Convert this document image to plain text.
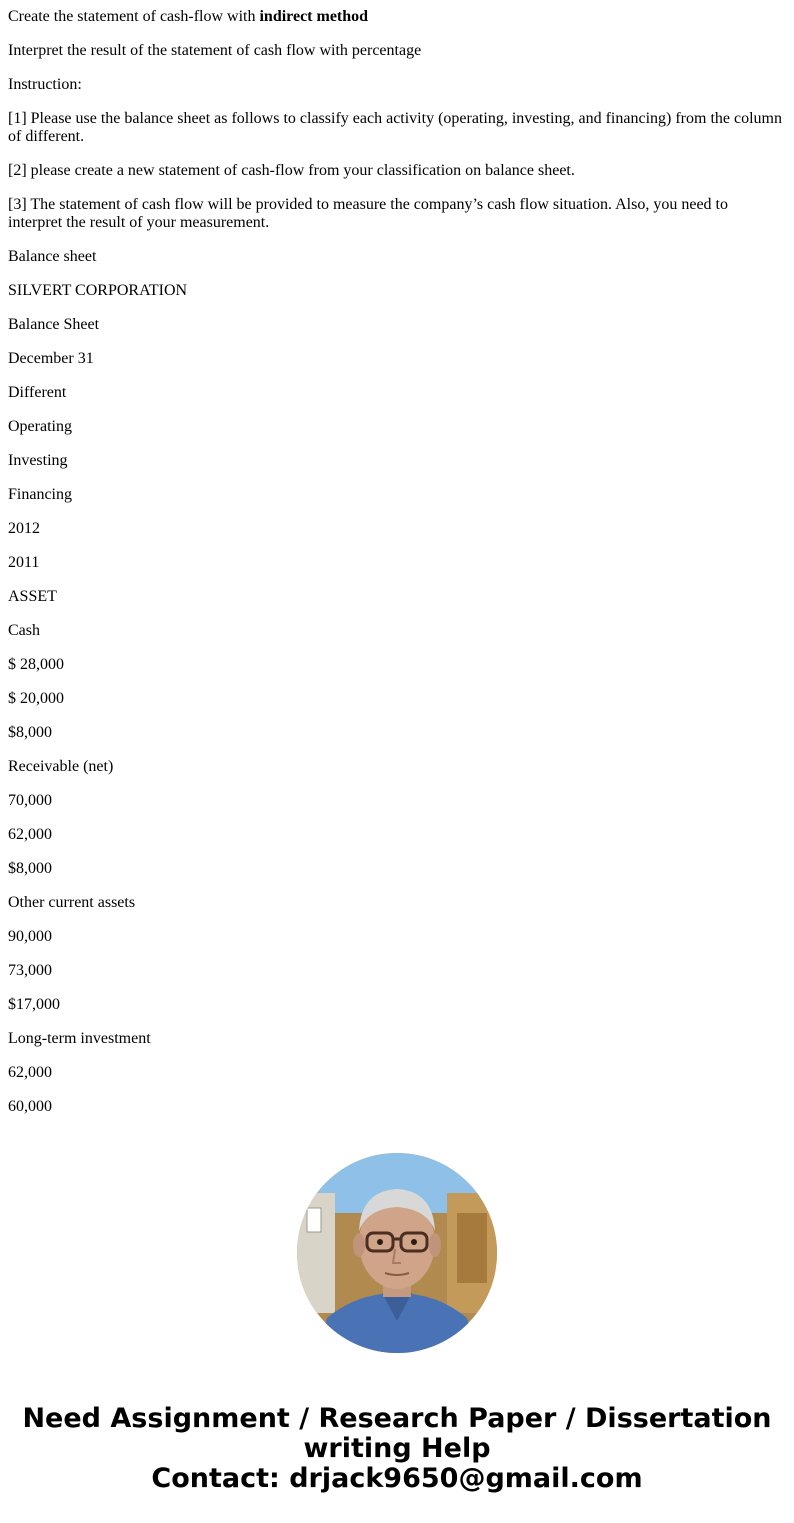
Create the statement of cash-flow with indirect method

Interpret the result of the statement of cash flow with percentage

Instruction:

[1] Please use the balance sheet as follows to classify each activity (operating, investing, and financing) from the column of different.

[2] please create a new statement of cash-flow from your classification on balance sheet.

[3] The statement of cash flow will be provided to measure the company’s cash flow situation. Also, you need to interpret the result of your measurement.

Balance sheet

SILVERT CORPORATION

Balance Sheet

December 31

Different

Operating

Investing

Financing

2012

2011

ASSET

Cash

$ 28,000

$ 20,000

$8,000

Receivable (net)

70,000

62,000

$8,000

Other current assets

90,000

73,000

$17,000

Long-term investment

62,000

60,000

Need Assignment / Research Paper / Dissertation
writing Help
Contact: drjack9650@gmail.com
